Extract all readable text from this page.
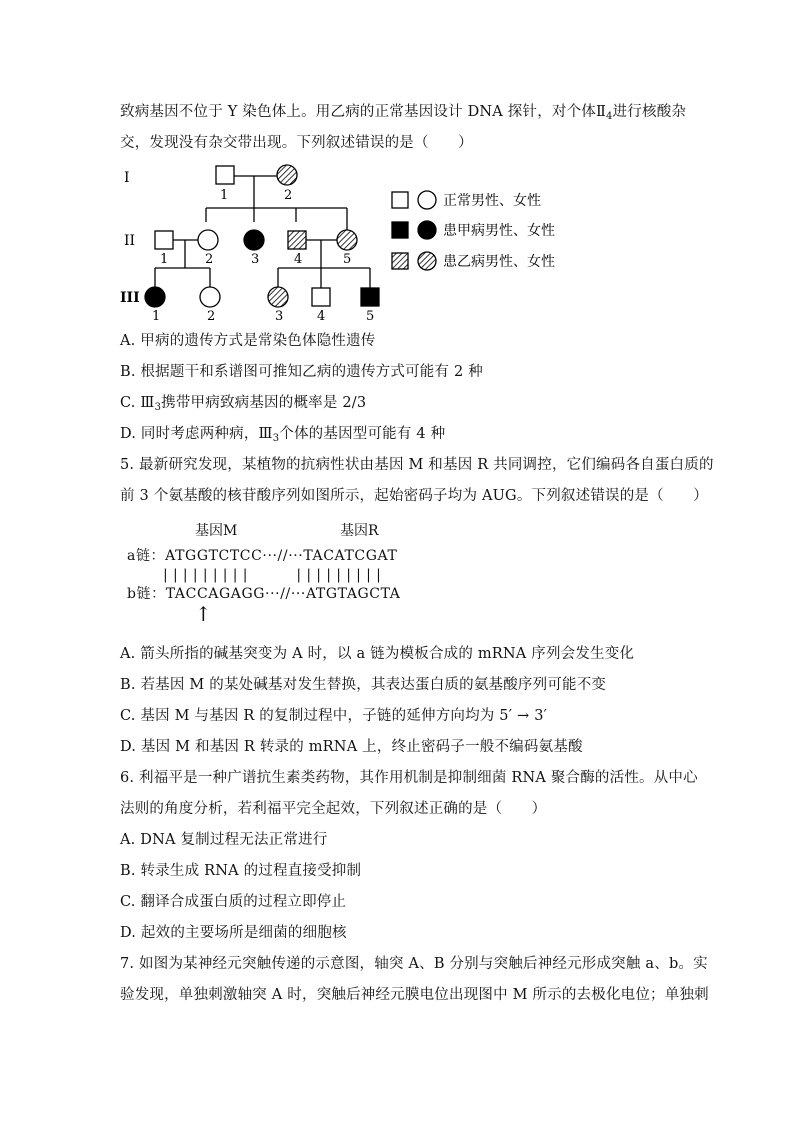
致病基因不位于 Y 染色体上。用乙病的正常基因设计 DNA 探针，对个体$Ⅱ_4$进行核酸杂
交，发现没有杂交带出现。下列叙述错误的是（　　）
I
II
III
1	2
1	2	3	4	5
1	2	3	4	5
正常男性、女性
患甲病男性、女性
患乙病男性、女性
A. 甲病的遗传方式是常染色体隐性遗传
B. 根据题干和系谱图可推知乙病的遗传方式可能有 2 种
C. $Ⅲ_3$携带甲病致病基因的概率是 2/3
D. 同时考虑两种病，$Ⅲ_3$个体的基因型可能有 4 种
5. 最新研究发现，某植物的抗病性状由基因 M 和基因 R 共同调控，它们编码各自蛋白质的
前 3 个氨基酸的核苷酸序列如图所示，起始密码子均为 AUG。下列叙述错误的是（　　）
基因M	基因R
a链：ATGGTCTCC···//···TACATCGAT
| | | | | | | | |          | | | | | | | | |
b链：TACCAGAGG···//···ATGTAGCTA
↑
A. 箭头所指的碱基突变为 A 时，以 a 链为模板合成的 mRNA 序列会发生变化
B. 若基因 M 的某处碱基对发生替换，其表达蛋白质的氨基酸序列可能不变
C. 基因 M 与基因 R 的复制过程中，子链的延伸方向均为 5′ → 3′
D. 基因 M 和基因 R 转录的 mRNA 上，终止密码子一般不编码氨基酸
6. 利福平是一种广谱抗生素类药物，其作用机制是抑制细菌 RNA 聚合酶的活性。从中心
法则的角度分析，若利福平完全起效，下列叙述正确的是（　　）
A. DNA 复制过程无法正常进行
B. 转录生成 RNA 的过程直接受抑制
C. 翻译合成蛋白质的过程立即停止
D. 起效的主要场所是细菌的细胞核
7. 如图为某神经元突触传递的示意图，轴突 A、B 分别与突触后神经元形成突触 a、b。实
验发现，单独刺激轴突 A 时，突触后神经元膜电位出现图中 M 所示的去极化电位；单独刺
